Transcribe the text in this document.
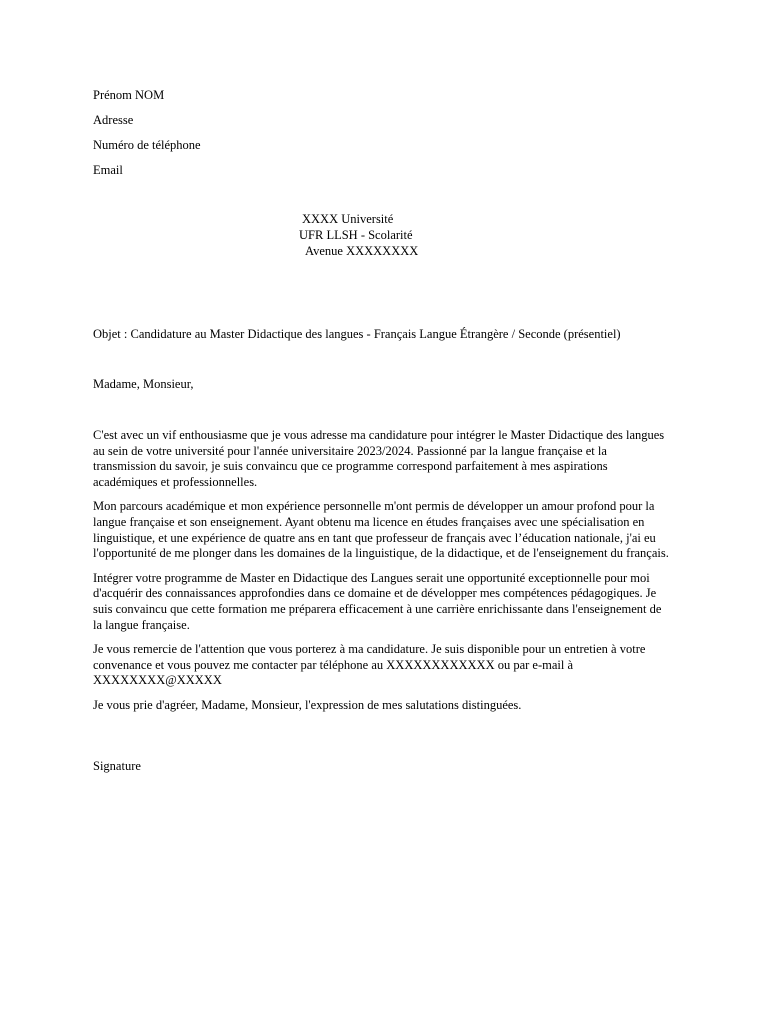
Prénom NOM
Adresse
Numéro de téléphone
Email
XXXX Université
UFR LLSH - Scolarité
Avenue XXXXXXXX
Objet : Candidature au Master Didactique des langues - Français Langue Étrangère / Seconde (présentiel)
Madame, Monsieur,

C'est avec un vif enthousiasme que je vous adresse ma candidature pour intégrer le Master Didactique des langues au sein de votre université pour l'année universitaire 2023/2024. Passionné par la langue française et la transmission du savoir, je suis convaincu que ce programme correspond parfaitement à mes aspirations académiques et professionnelles.

Mon parcours académique et mon expérience personnelle m'ont permis de développer un amour profond pour la langue française et son enseignement. Ayant obtenu ma licence en études françaises avec une spécialisation en linguistique, et une expérience de quatre ans en tant que professeur de français avec l’éducation nationale, j'ai eu l'opportunité de me plonger dans les domaines de la linguistique, de la didactique, et de l'enseignement du français.

Intégrer votre programme de Master en Didactique des Langues serait une opportunité exceptionnelle pour moi d'acquérir des connaissances approfondies dans ce domaine et de développer mes compétences pédagogiques. Je suis convaincu que cette formation me préparera efficacement à une carrière enrichissante dans l'enseignement de la langue française.

Je vous remercie de l'attention que vous porterez à ma candidature. Je suis disponible pour un entretien à votre convenance et vous pouvez me contacter par téléphone au XXXXXXXXXXXX ou par e-mail à XXXXXXXX@XXXXX

Je vous prie d'agréer, Madame, Monsieur, l'expression de mes salutations distinguées.

Signature
